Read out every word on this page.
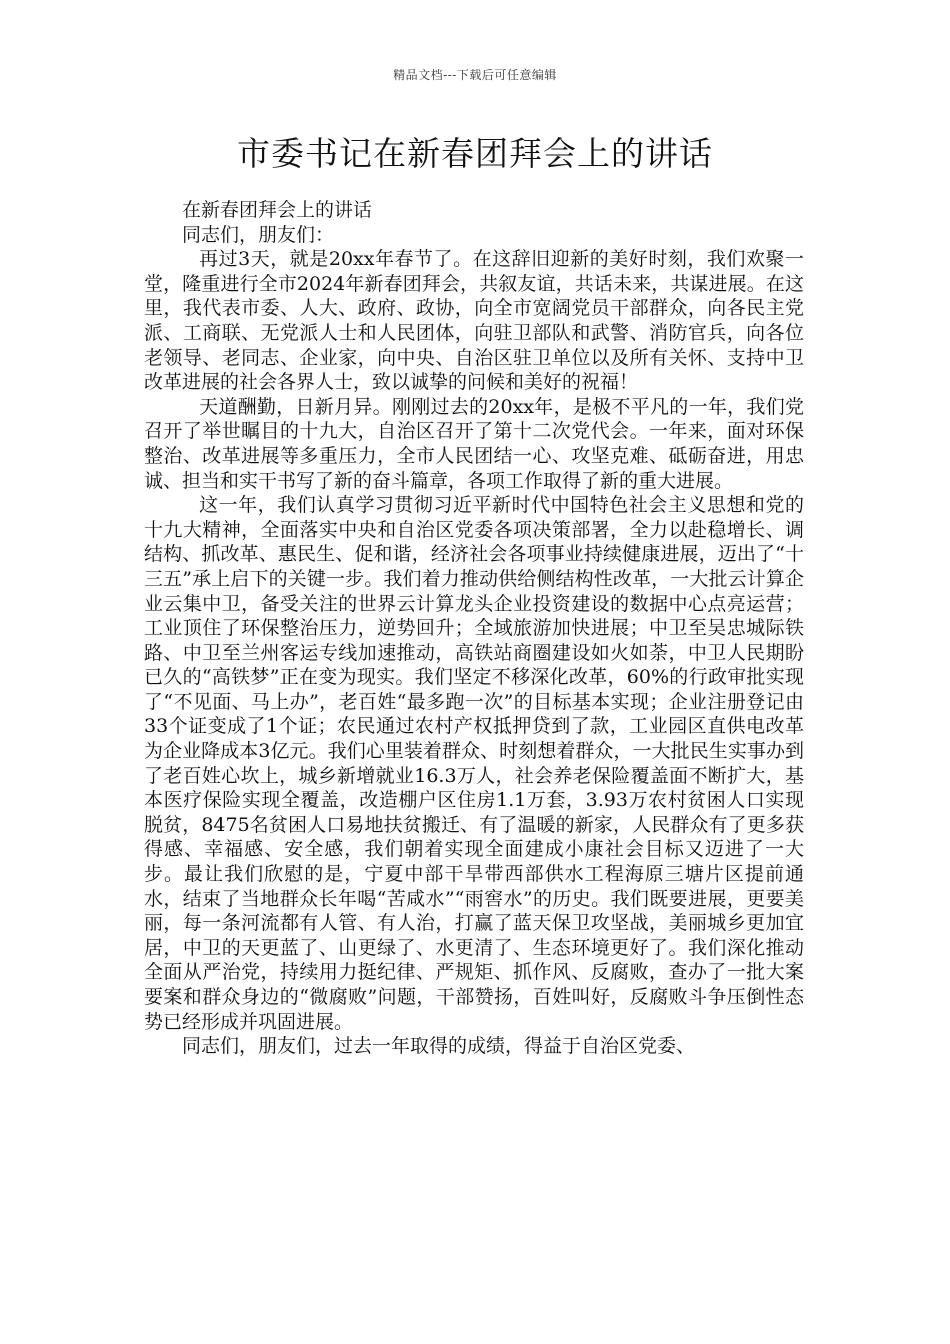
精品文档---下载后可任意编辑
市委书记在新春团拜会上的讲话

在新春团拜会上的讲话

同志们，朋友们：

再过3天，就是20xx年春节了。在这辞旧迎新的美好时刻，我们欢聚一堂，隆重进行全市2024年新春团拜会，共叙友谊，共话未来，共谋进展。在这里，我代表市委、人大、政府、政协，向全市宽阔党员干部群众，向各民主党派、工商联、无党派人士和人民团体，向驻卫部队和武警、消防官兵，向各位老领导、老同志、企业家，向中央、自治区驻卫单位以及所有关怀、支持中卫改革进展的社会各界人士，致以诚挚的问候和美好的祝福！

天道酬勤，日新月异。刚刚过去的20xx年，是极不平凡的一年，我们党召开了举世瞩目的十九大，自治区召开了第十二次党代会。一年来，面对环保整治、改革进展等多重压力，全市人民团结一心、攻坚克难、砥砺奋进，用忠诚、担当和实干书写了新的奋斗篇章，各项工作取得了新的重大进展。

这一年，我们认真学习贯彻习近平新时代中国特色社会主义思想和党的十九大精神，全面落实中央和自治区党委各项决策部署，全力以赴稳增长、调结构、抓改革、惠民生、促和谐，经济社会各项事业持续健康进展，迈出了“十三五”承上启下的关键一步。我们着力推动供给侧结构性改革，一大批云计算企业云集中卫，备受关注的世界云计算龙头企业投资建设的数据中心点亮运营；工业顶住了环保整治压力，逆势回升；全域旅游加快进展；中卫至吴忠城际铁路、中卫至兰州客运专线加速推动，高铁站商圈建设如火如荼，中卫人民期盼已久的“高铁梦”正在变为现实。我们坚定不移深化改革，60%的行政审批实现了“不见面、马上办”，老百姓“最多跑一次”的目标基本实现；企业注册登记由33个证变成了1个证；农民通过农村产权抵押贷到了款，工业园区直供电改革为企业降成本3亿元。我们心里装着群众、时刻想着群众，一大批民生实事办到了老百姓心坎上，城乡新增就业16.3万人，社会养老保险覆盖面不断扩大，基本医疗保险实现全覆盖，改造棚户区住房1.1万套，3.93万农村贫困人口实现脱贫，8475名贫困人口易地扶贫搬迁、有了温暖的新家，人民群众有了更多获得感、幸福感、安全感，我们朝着实现全面建成小康社会目标又迈进了一大步。最让我们欣慰的是，宁夏中部干旱带西部供水工程海原三塘片区提前通水，结束了当地群众长年喝“苦咸水”“雨窖水”的历史。我们既要进展，更要美丽，每一条河流都有人管、有人治，打赢了蓝天保卫攻坚战，美丽城乡更加宜居，中卫的天更蓝了、山更绿了、水更清了、生态环境更好了。我们深化推动全面从严治党，持续用力挺纪律、严规矩、抓作风、反腐败，查办了一批大案要案和群众身边的“微腐败”问题，干部赞扬，百姓叫好，反腐败斗争压倒性态势已经形成并巩固进展。

同志们，朋友们，过去一年取得的成绩，得益于自治区党委、
